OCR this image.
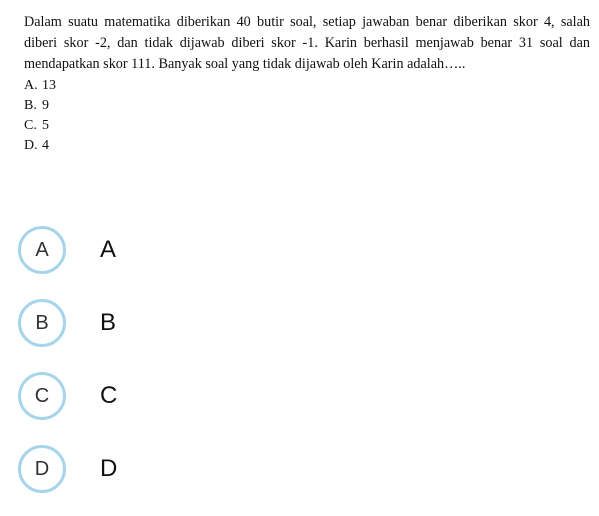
Dalam suatu matematika diberikan 40 butir soal, setiap jawaban benar diberikan skor 4, salah diberi skor -2, dan tidak dijawab diberi skor -1. Karin berhasil menjawab benar 31 soal dan mendapatkan skor 111. Banyak soal yang tidak dijawab oleh Karin adalah…..

A. 13
B. 9
C. 5
D. 4
A	A
B	B
C	C
D	D
